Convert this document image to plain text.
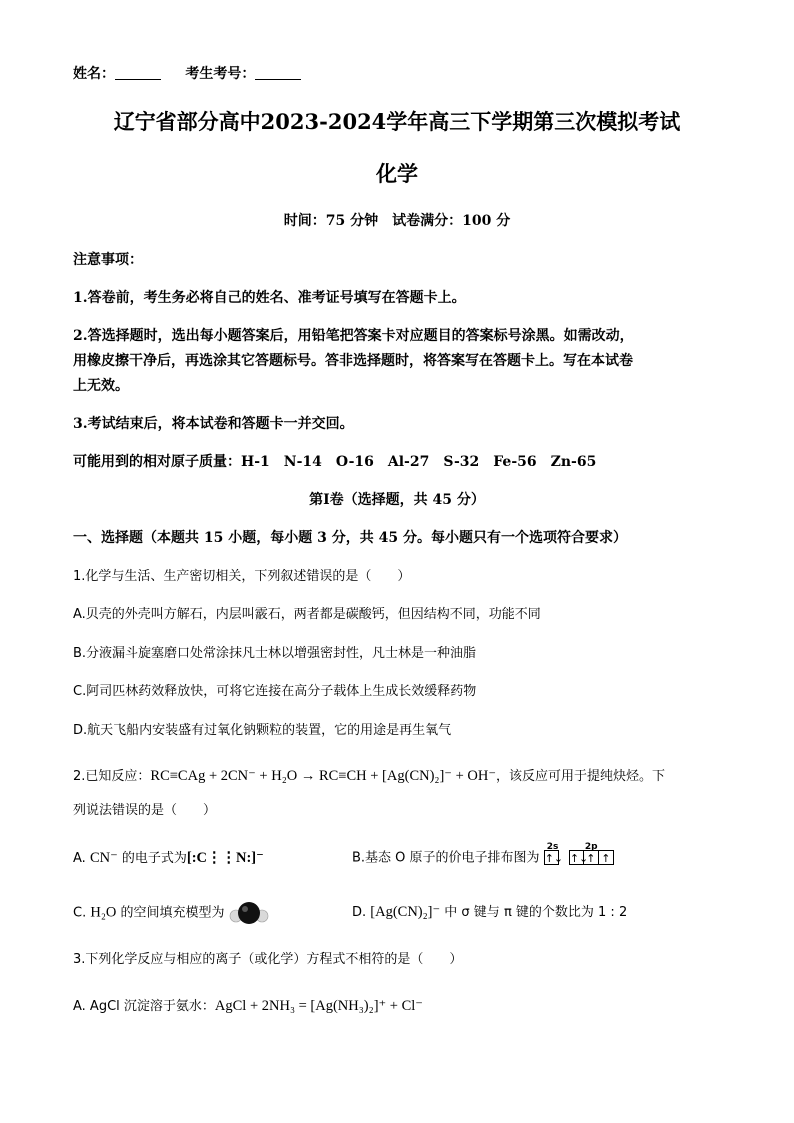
姓名：	考生考号：
辽宁省部分高中2023-2024学年高三下学期第三次模拟考试
化学
时间：75 分钟　试卷满分：100 分
注意事项：
1.答卷前，考生务必将自己的姓名、准考证号填写在答题卡上。
2.答选择题时，选出每小题答案后，用铅笔把答案卡对应题目的答案标号涂黑。如需改动，
用橡皮擦干净后，再选涂其它答题标号。答非选择题时，将答案写在答题卡上。写在本试卷
上无效。
3.考试结束后，将本试卷和答题卡一并交回。
可能用到的相对原子质量：H-1　N-14　O-16　Al-27　S-32　Fe-56　Zn-65
第Ⅰ卷（选择题，共 45 分）
一、选择题（本题共 15 小题，每小题 3 分，共 45 分。每小题只有一个选项符合要求）
1.化学与生活、生产密切相关，下列叙述错误的是（　　）
A.贝壳的外壳叫方解石，内层叫霰石，两者都是碳酸钙，但因结构不同，功能不同
B.分液漏斗旋塞磨口处常涂抹凡士林以增强密封性，凡士林是一种油脂
C.阿司匹林药效释放快，可将它连接在高分子载体上生成长效缓释药物
D.航天飞船内安装盛有过氧化钠颗粒的装置，它的用途是再生氧气
2.已知反应：RC≡CAg + 2CN⁻ + H₂O → RC≡CH + [Ag(CN)₂]⁻ + OH⁻，该反应可用于提纯炔烃。下
列说法错误的是（　　）
A. CN⁻ 的电子式为[:C⋮⋮N:]⁻	B.基态 O 原子的价电子排布图为
2s
↑↓
2p
↑↓↑ ↑
C. H₂O 的空间填充模型为	D. [Ag(CN)₂]⁻ 中 σ 键与 π 键的个数比为 1 : 2
3.下列化学反应与相应的离子（或化学）方程式不相符的是（　　）
A. AgCl 沉淀溶于氨水：AgCl + 2NH₃ = [Ag(NH₃)₂]⁺ + Cl⁻
